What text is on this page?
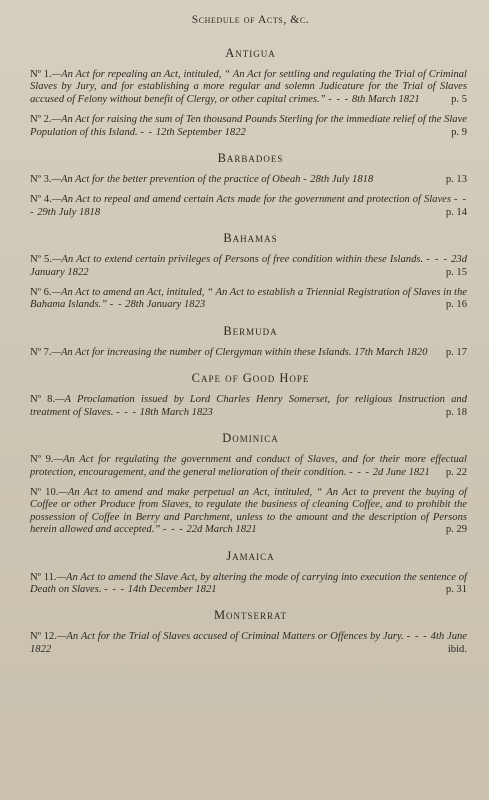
Schedule of Acts, &c.
Antigua
Nº 1.—An Act for repealing an Act, intituled, “ An Act for settling and regulating the Trial of Criminal Slaves by Jury, and for establishing a more regular and solemn Judicature for the Trial of Slaves accused of Felony without benefit of Clergy, or other capital crimes.” - - - 8th March 1821	p. 5
Nº 2.—An Act for raising the sum of Ten thousand Pounds Sterling for the immediate relief of the Slave Population of this Island. - - 12th September 1822	p. 9
Barbadoes
Nº 3.—An Act for the better prevention of the practice of Obeah - 28th July 1818	p. 13
Nº 4.—An Act to repeal and amend certain Acts made for the government and protection of Slaves - - - 29th July 1818	p. 14
Bahamas
Nº 5.—An Act to extend certain privileges of Persons of free condition within these Islands. - - - 23d January 1822	p. 15
Nº 6.—An Act to amend an Act, intituled, “ An Act to establish a Triennial Registration of Slaves in the Bahama Islands.” - - 28th January 1823	p. 16
Bermuda
Nº 7.—An Act for increasing the number of Clergyman within these Islands. 17th March 1820 p. 17
Cape of Good Hope
Nº 8.—A Proclamation issued by Lord Charles Henry Somerset, for religious Instruction and treatment of Slaves. - - - 18th March 1823	p. 18
Dominica
Nº 9.—An Act for regulating the government and conduct of Slaves, and for their more effectual protection, encouragement, and the general melioration of their condition. - - - 2d June 1821 p. 22
Nº 10.—An Act to amend and make perpetual an Act, intituled, “ An Act to prevent the buying of Coffee or other Produce from Slaves, to regulate the business of cleaning Coffee, and to prohibit the possession of Coffee in Berry and Parchment, unless to the amount and the description of Persons herein allowed and accepted.” - - - 22d March 1821	p. 29
Jamaica
Nº 11.—An Act to amend the Slave Act, by altering the mode of carrying into execution the sentence of Death on Slaves. - - - 14th December 1821	p. 31
Montserrat
Nº 12.—An Act for the Trial of Slaves accused of Criminal Matters or Offences by Jury. - - - 4th June 1822	ibid.
